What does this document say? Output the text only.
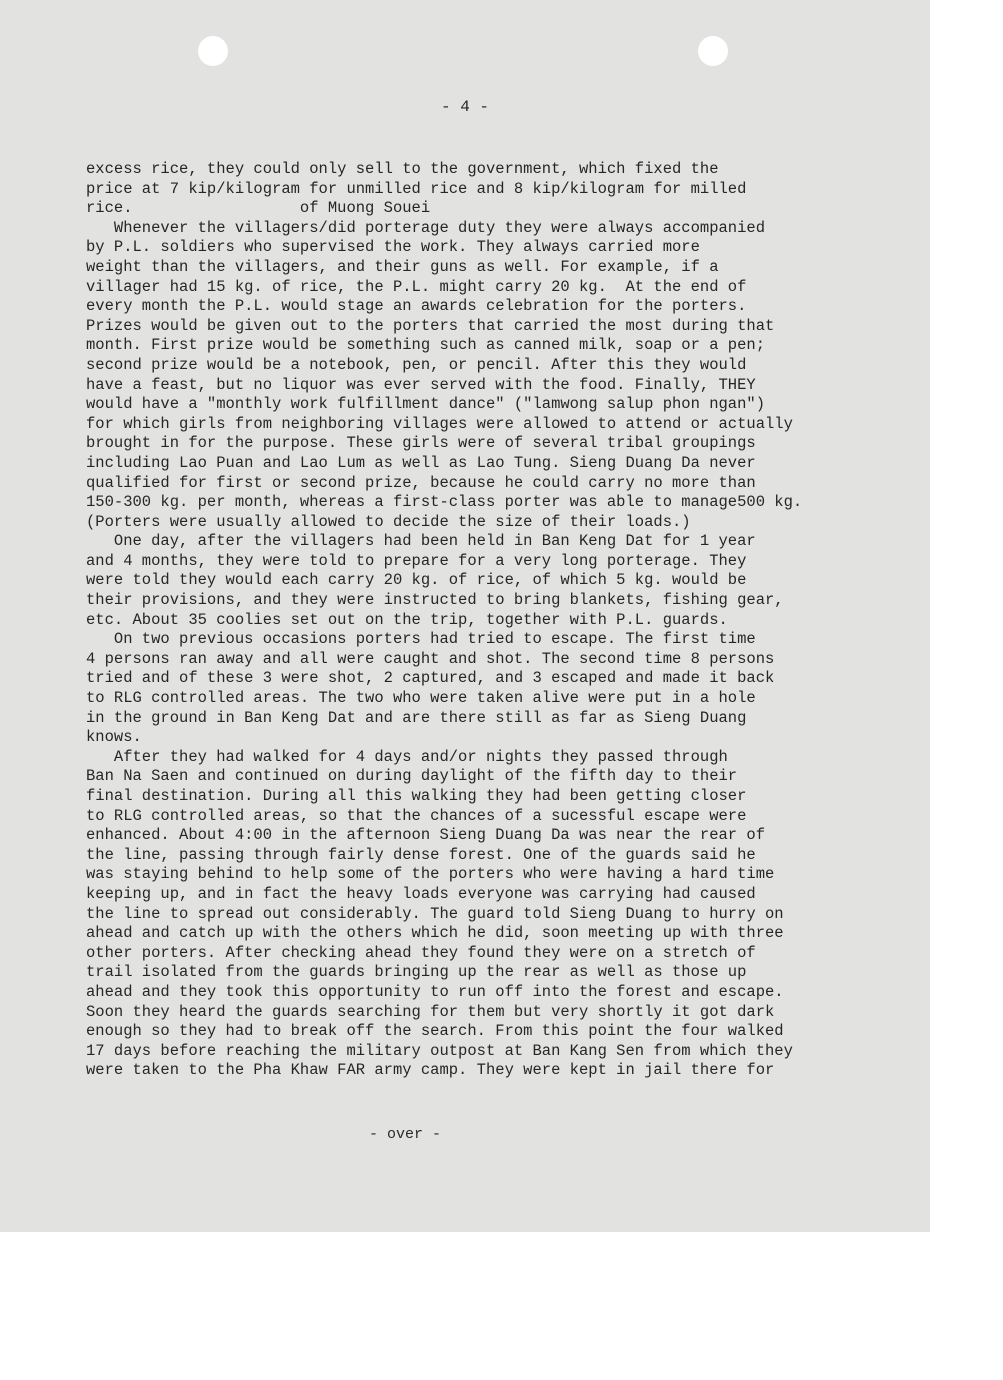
- 4 -
excess rice, they could only sell to the government, which fixed the
price at 7 kip/kilogram for unmilled rice and 8 kip/kilogram for milled
rice.                  of Muong Souei
Whenever the villagers/did porterage duty they were always accompanied
by P.L. soldiers who supervised the work. They always carried more
weight than the villagers, and their guns as well. For example, if a
villager had 15 kg. of rice, the P.L. might carry 20 kg.  At the end of
every month the P.L. would stage an awards celebration for the porters.
Prizes would be given out to the porters that carried the most during that
month. First prize would be something such as canned milk, soap or a pen;
second prize would be a notebook, pen, or pencil. After this they would
have a feast, but no liquor was ever served with the food. Finally, THEY
would have a "monthly work fulfillment dance" ("lamwong salup phon ngan")
for which girls from neighboring villages were allowed to attend or actually
brought in for the purpose. These girls were of several tribal groupings
including Lao Puan and Lao Lum as well as Lao Tung. Sieng Duang Da never
qualified for first or second prize, because he could carry no more than
150-300 kg. per month, whereas a first-class porter was able to manage500 kg.
(Porters were usually allowed to decide the size of their loads.)
One day, after the villagers had been held in Ban Keng Dat for 1 year
and 4 months, they were told to prepare for a very long porterage. They
were told they would each carry 20 kg. of rice, of which 5 kg. would be
their provisions, and they were instructed to bring blankets, fishing gear,
etc. About 35 coolies set out on the trip, together with P.L. guards.
On two previous occasions porters had tried to escape. The first time
4 persons ran away and all were caught and shot. The second time 8 persons
tried and of these 3 were shot, 2 captured, and 3 escaped and made it back
to RLG controlled areas. The two who were taken alive were put in a hole
in the ground in Ban Keng Dat and are there still as far as Sieng Duang
knows.
After they had walked for 4 days and/or nights they passed through
Ban Na Saen and continued on during daylight of the fifth day to their
final destination. During all this walking they had been getting closer
to RLG controlled areas, so that the chances of a sucessful escape were
enhanced. About 4:00 in the afternoon Sieng Duang Da was near the rear of
the line, passing through fairly dense forest. One of the guards said he
was staying behind to help some of the porters who were having a hard time
keeping up, and in fact the heavy loads everyone was carrying had caused
the line to spread out considerably. The guard told Sieng Duang to hurry on
ahead and catch up with the others which he did, soon meeting up with three
other porters. After checking ahead they found they were on a stretch of
trail isolated from the guards bringing up the rear as well as those up
ahead and they took this opportunity to run off into the forest and escape.
Soon they heard the guards searching for them but very shortly it got dark
enough so they had to break off the search. From this point the four walked
17 days before reaching the military outpost at Ban Kang Sen from which they
were taken to the Pha Khaw FAR army camp. They were kept in jail there for
- over -
